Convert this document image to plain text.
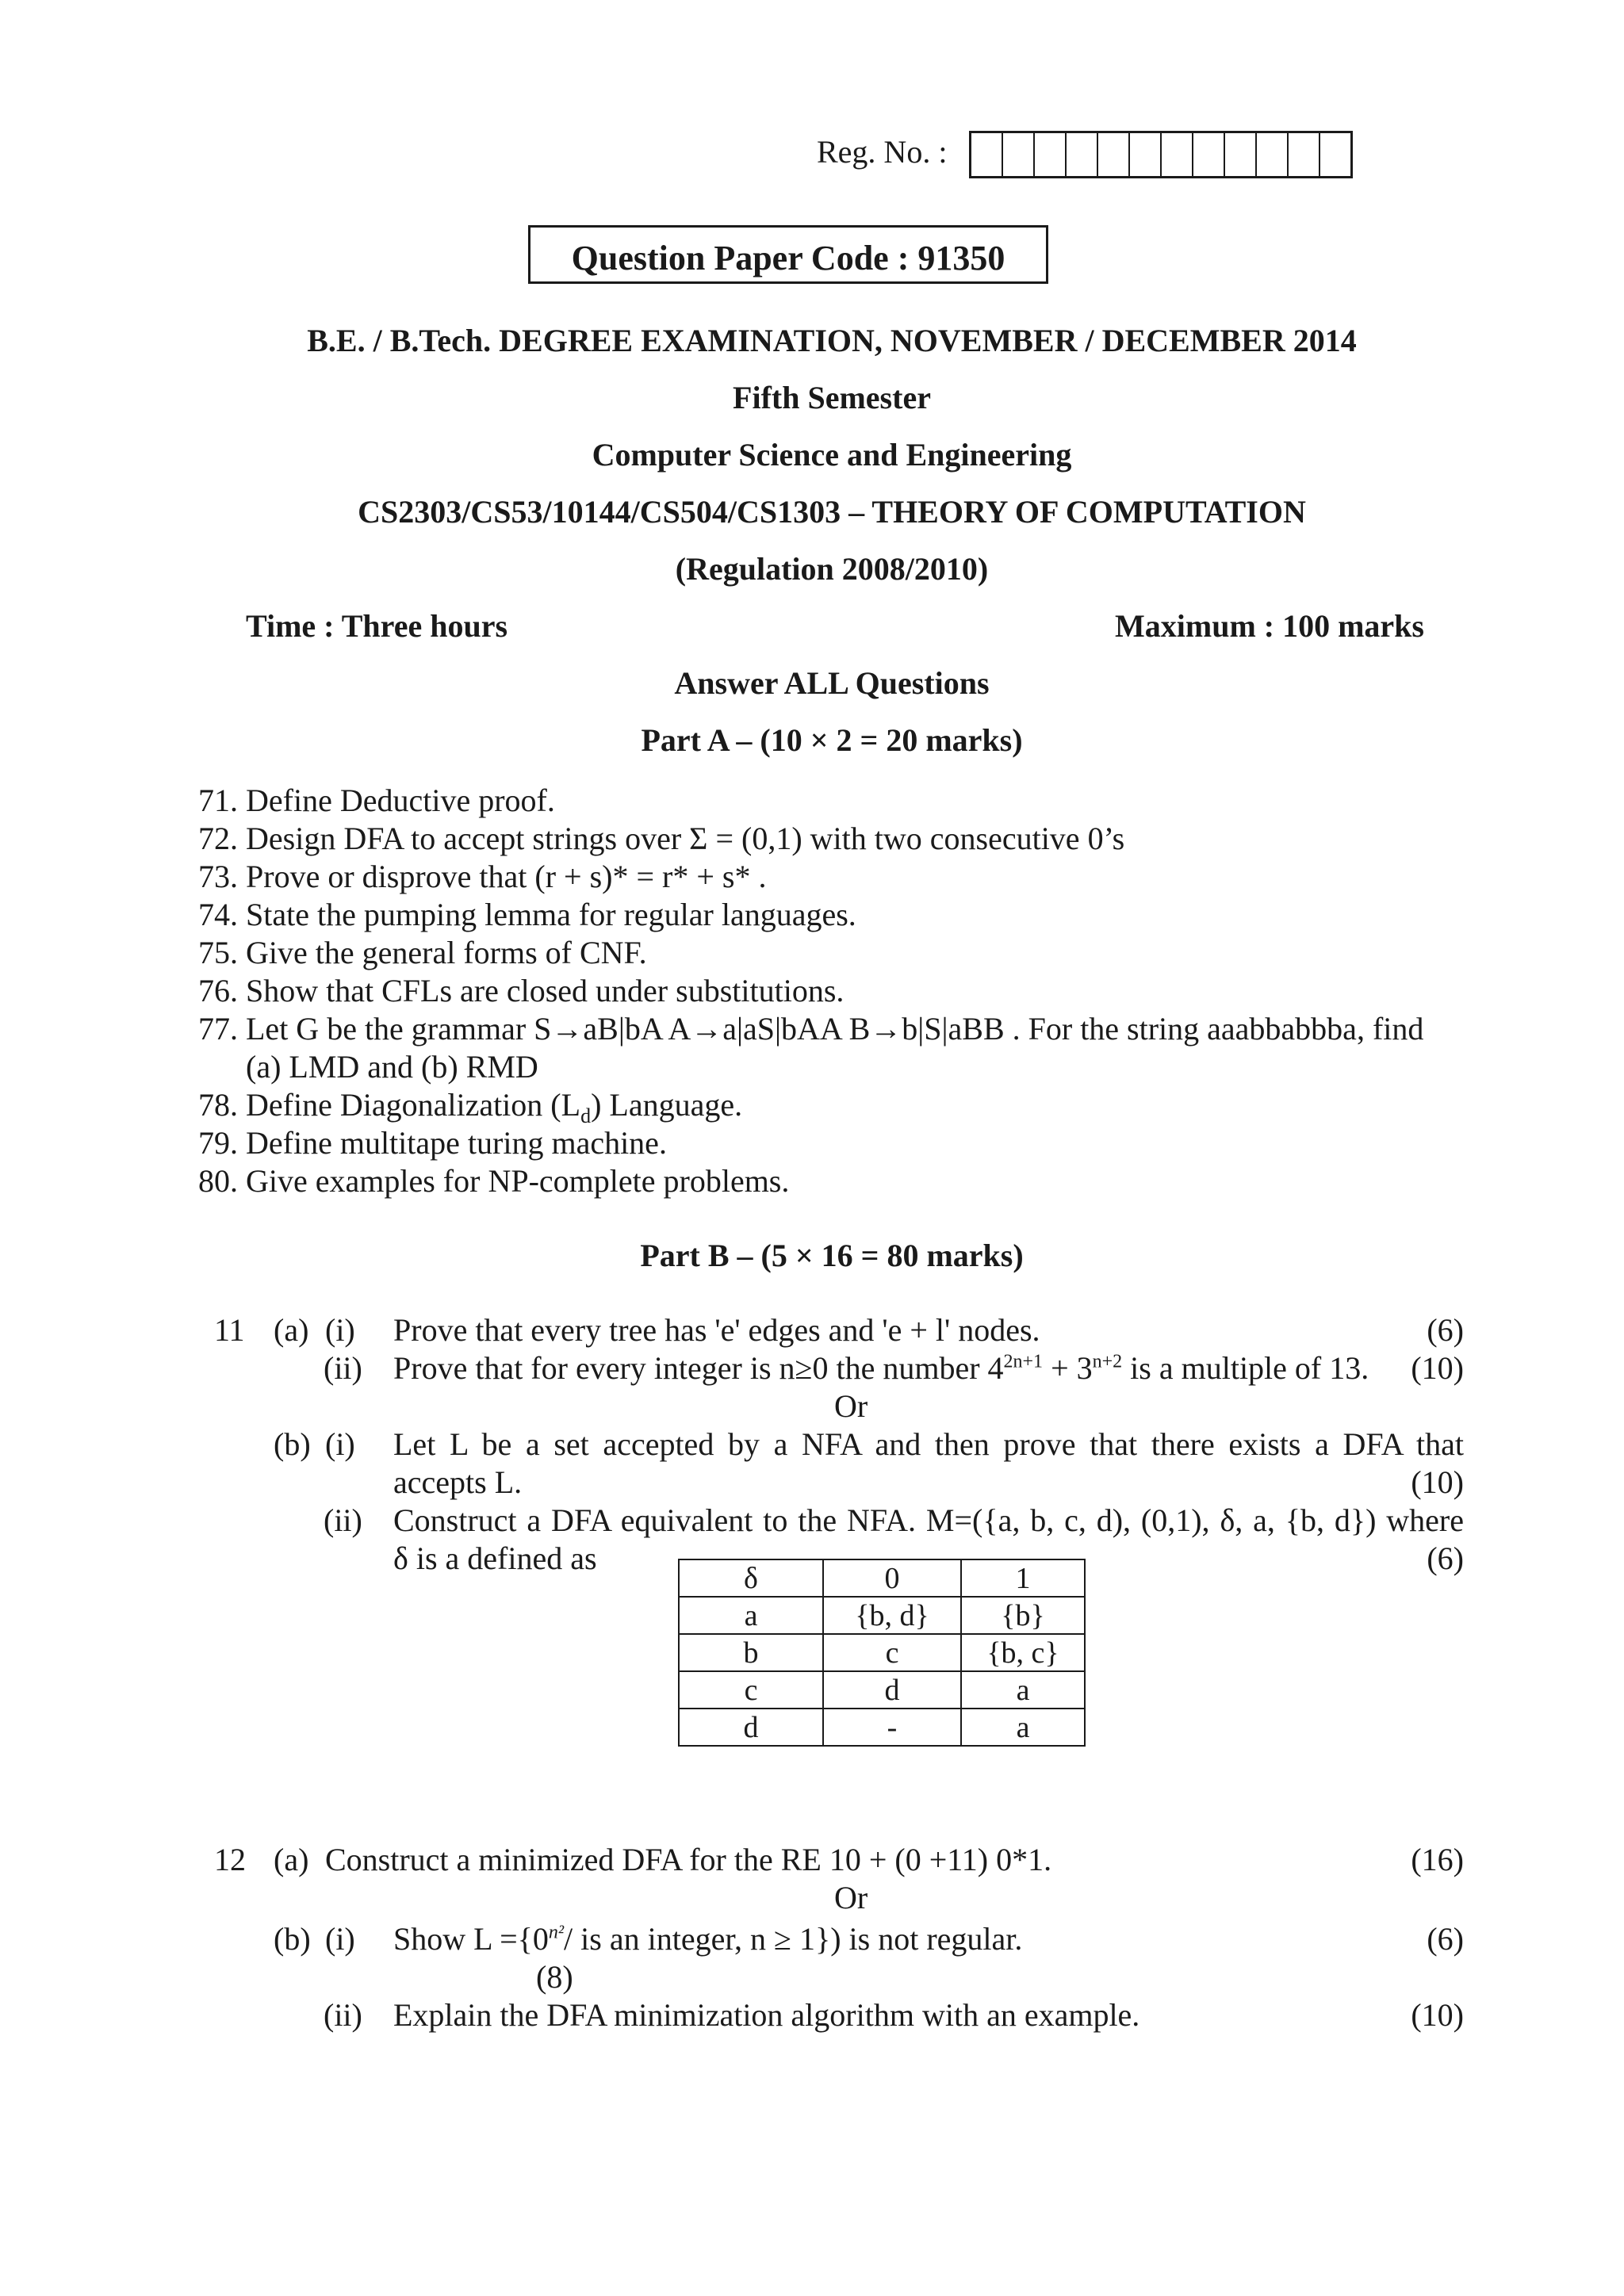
Reg. No. :
Question Paper Code : 91350
B.E. / B.Tech. DEGREE EXAMINATION, NOVEMBER / DECEMBER 2014
Fifth Semester
Computer Science and Engineering
CS2303/CS53/10144/CS504/CS1303 – THEORY OF COMPUTATION
(Regulation 2008/2010)
Time : Three hours	Maximum : 100 marks
Answer ALL Questions
Part A – (10 × 2 = 20 marks)
71. Define Deductive proof.
72. Design DFA to accept strings over Σ = (0,1) with two consecutive 0’s
73. Prove or disprove that (r + s)* = r* + s* .
74. State the pumping lemma for regular languages.
75. Give the general forms of CNF.
76. Show that CFLs are closed under substitutions.
77. Let G be the grammar S→aB|bA A→a|aS|bAA B→b|S|aBB . For the string aaabbabbba, find
(a) LMD and (b) RMD
78. Define Diagonalization $(L_d)$ Language.
79. Define multitape turing machine.
80. Give examples for NP-complete problems.
Part B – (5 × 16 = 80 marks)
11 (a) (i) Prove that every tree has 'e' edges and 'e + l' nodes.	(6)
(ii) Prove that for every integer is n≥0 the number $4^{2n+1} + 3^{n+2}$ is a multiple of 13. (10)
Or
(b) (i) Let L be a set accepted by a NFA and then prove that there exists a DFA that
accepts L.	(10)
(ii) Construct a DFA equivalent to the NFA. M=({a, b, c, d), (0,1), δ, a, {b, d}) where
δ is a defined as	(6)
δ	0	1
a	{b, d}	{b}
b	c	{b, c}
c	d	a
d	-	a
12 (a) Construct a minimized DFA for the RE 10 + (0 +11) 0*1.	(16)
Or
(b) (i) Show $L =\{0^{n^2}/$ is an integer, n ≥ 1}) is not regular.	(6)
(8)
(ii) Explain the DFA minimization algorithm with an example.	(10)
